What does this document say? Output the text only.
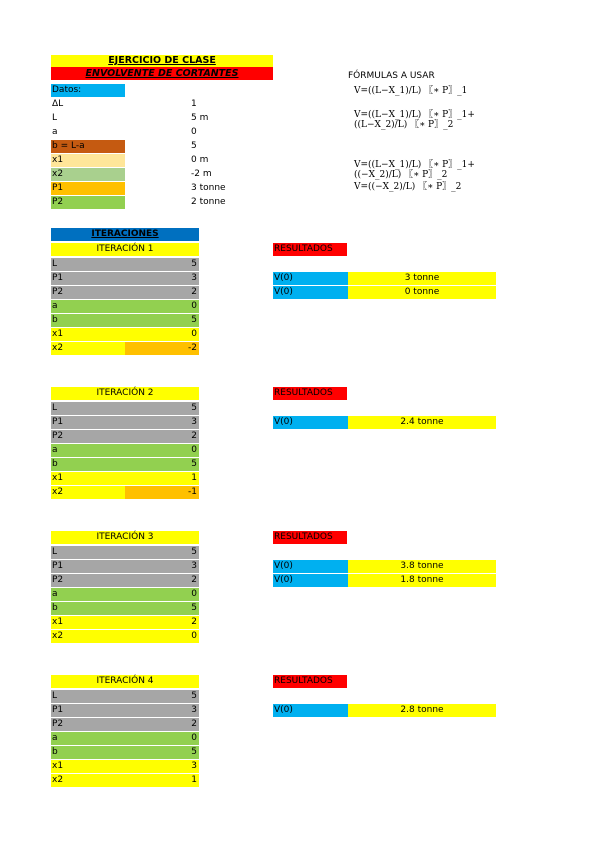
EJERCICIO DE CLASE
ENVOLVENTE DE CORTANTES
Datos:
ΔL	1
L	5 m
a	0
b = L-a	5
x1	0 m
x2	-2 m
P1	3 tonne
P2	2 tonne
FÓRMULAS A USAR
V=((L−X_1)/L) 〖∗ P〗_1
V=((L−X_1)/L) 〖∗ P〗_1+((L−X_2)/L) 〖∗ P〗_2
V=((L−X_1)/L) 〖∗ P〗_1+((−X_2)/L) 〖∗ P〗_2
V=((−X_2)/L) 〖∗ P〗_2
ITERACIONES
ITERACIÓN 1
L	5
P1	3
P2	2
a	0
b	5
x1	0
x2	-2
RESULTADOS
V(0)	3 tonne
V(0)	0 tonne
ITERACIÓN 2
L	5
P1	3
P2	2
a	0
b	5
x1	1
x2	-1
RESULTADOS
V(0)	2.4 tonne
ITERACIÓN 3
L	5
P1	3
P2	2
a	0
b	5
x1	2
x2	0
RESULTADOS
V(0)	3.8 tonne
V(0)	1.8 tonne
ITERACIÓN 4
L	5
P1	3
P2	2
a	0
b	5
x1	3
x2	1
RESULTADOS
V(0)	2.8 tonne
